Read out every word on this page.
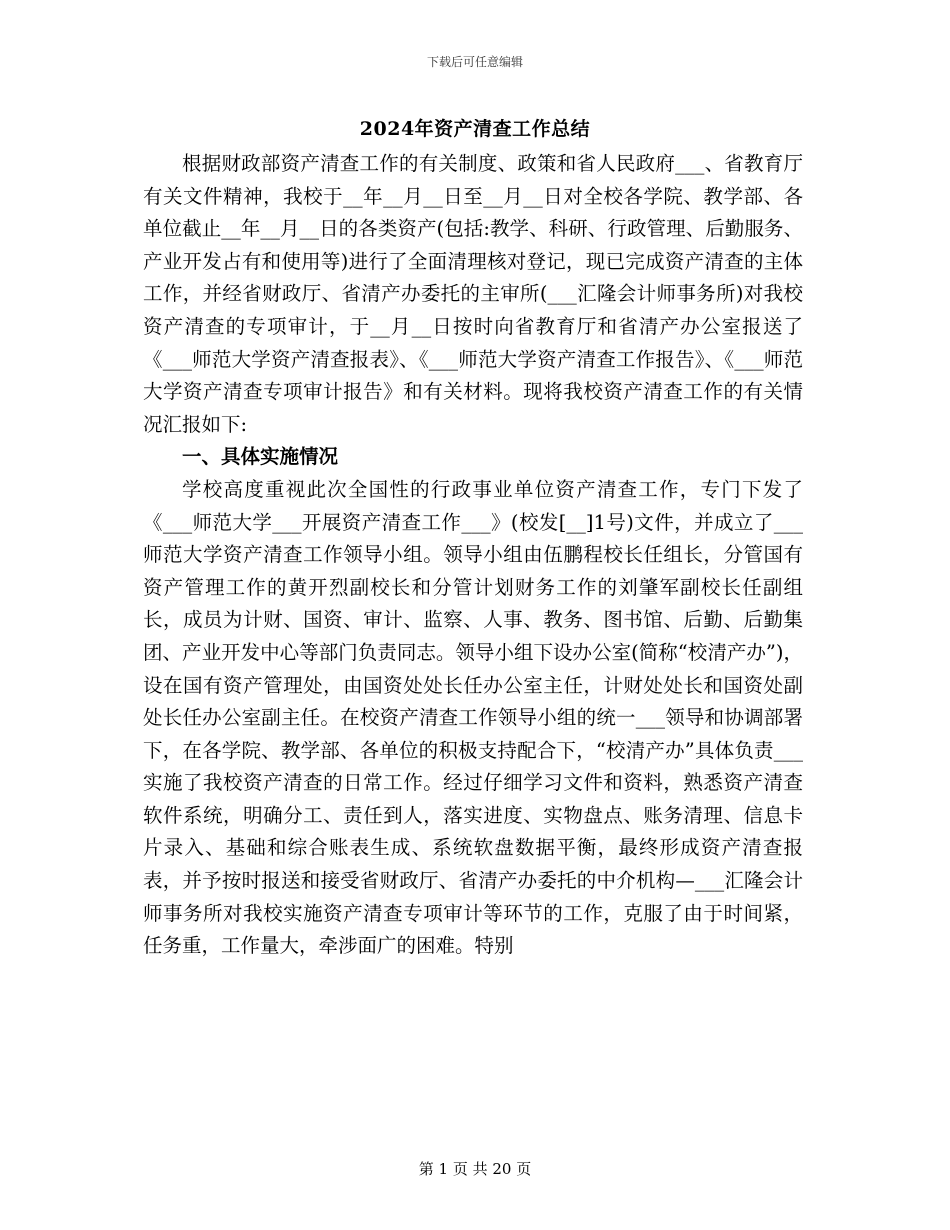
下载后可任意编辑
2024年资产清查工作总结

根据财政部资产清查工作的有关制度、政策和省人民政府___、省教育厅有关文件精神，我校于__年__月__日至__月__日对全校各学院、教学部、各单位截止__年__月__日的各类资产(包括:教学、科研、行政管理、后勤服务、产业开发占有和使用等)进行了全面清理核对登记，现已完成资产清查的主体工作，并经省财政厅、省清产办委托的主审所(___汇隆会计师事务所)对我校资产清查的专项审计，于__月__日按时向省教育厅和省清产办公室报送了《___师范大学资产清查报表》、《___师范大学资产清查工作报告》、《___师范大学资产清查专项审计报告》和有关材料。现将我校资产清查工作的有关情况汇报如下:

一、具体实施情况

学校高度重视此次全国性的行政事业单位资产清查工作，专门下发了《___师范大学___开展资产清查工作___》(校发[__]1号)文件，并成立了___师范大学资产清查工作领导小组。领导小组由伍鹏程校长任组长，分管国有资产管理工作的黄开烈副校长和分管计划财务工作的刘肇军副校长任副组长，成员为计财、国资、审计、监察、人事、教务、图书馆、后勤、后勤集团、产业开发中心等部门负责同志。领导小组下设办公室(简称“校清产办”)，设在国有资产管理处，由国资处处长任办公室主任，计财处处长和国资处副处长任办公室副主任。在校资产清查工作领导小组的统一___领导和协调部署下，在各学院、教学部、各单位的积极支持配合下，“校清产办”具体负责___实施了我校资产清查的日常工作。经过仔细学习文件和资料，熟悉资产清查软件系统，明确分工、责任到人，落实进度、实物盘点、账务清理、信息卡片录入、基础和综合账表生成、系统软盘数据平衡，最终形成资产清查报表，并予按时报送和接受省财政厅、省清产办委托的中介机构—___汇隆会计师事务所对我校实施资产清查专项审计等环节的工作，克服了由于时间紧，任务重，工作量大，牵涉面广的困难。特别

第 1 页 共 20 页
